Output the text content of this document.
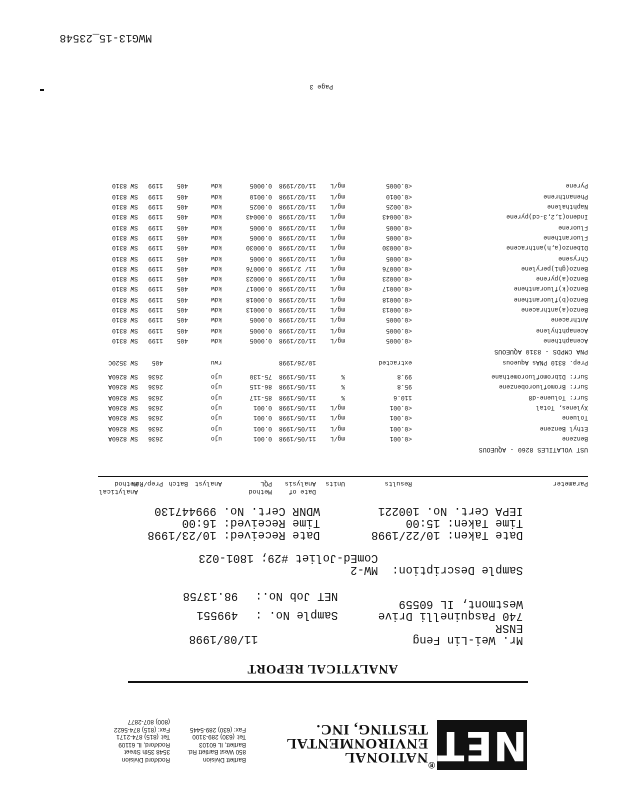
NET
®
NATIONAL
ENVIRONMENTAL
TESTING, INC.
Bartlett Division
850 West Bartlett Rd.
Bartlett, IL 60103
Tel: (630) 289-3100
Fax: (630) 289-5445
Rockford Division
3548 35th Street
Rockford, IL 61109
Tel: (815) 874-2171
Fax: (815) 874-5622
(800) 807-2877
ANALYTICAL REPORT
Mr. Wei-Lin Feng
ENSR
740 Pasquinelli Drive
Westmont, IL 60559
11/08/1998
Sample No. :
499551
NET Job No.:
98.13758
Sample Description:
MW-2
ComEd-Joliet #29; 1801-023
Date Taken: 10/22/1998
Time Taken: 15:00
IEPA Cert. No. 100221
Date Received: 10/23/1998
Time Received: 16:00
WDNR Cert. No. 999447130
Parameter
Results
Units
Date of
Analysis
Method
PQL
Analyst
Batch
Prep/Run
Analytical
Method
UST VOLATILES 8260 - AQUEOUS
Benzene
<0.001
mg/L
11/05/1998
0.001
ujo
2636
SW 8260A
Ethyl Benzene
<0.001
mg/L
11/05/1998
0.001
ujo
2636
SW 8260A
Toluene
<0.001
mg/L
11/05/1998
0.001
ujo
2636
SW 8260A
Xylenes, Total
<0.001
mg/L
11/05/1998
0.001
ujo
2636
SW 8260A
Surr: Toluene-d8
110.6
%
11/05/1998
85-117
ujo
2636
SW 8260A
Surr: Bromofluorobenzene
95.8
%
11/05/1998
86-115
ujo
2636
SW 8260A
Surr: Dibromofluoromethane
99.8
%
11/05/1998
75-130
ujo
2636
SW 8260A
Prep. 8310 PNAs Aqueous
extracted
10/26/1998
rwu
405
SW 3520C
PNA CMPDS - 8310 AQUEOUS
Acenaphthene
<0.0005
mg/L
11/02/1998
0.0005
kdw
405
1199
SW 8310
Acenaphthylene
<0.0005
mg/L
11/02/1998
0.0005
kdw
405
1199
SW 8310
Anthracene
<0.0005
mg/L
11/02/1998
0.0005
kdw
405
1199
SW 8310
Benzo(a)anthracene
<0.00013
mg/L
11/02/1998
0.00013
kdw
405
1199
SW 8310
Benzo(b)fluoranthene
<0.00018
mg/L
11/02/1998
0.00018
kdw
405
1199
SW 8310
Benzo(k)fluoranthene
<0.00017
mg/L
11/02/1998
0.00017
kdw
405
1199
SW 8310
Benzo(a)pyrene
<0.00023
mg/L
11/02/1998
0.00023
kdw
405
1199
SW 8310
Benzo(ghi)perylene
<0.00076
mg/L
11/ 2/1998
0.00076
kdw
405
1199
SW 8310
Chrysene
<0.0005
mg/L
11/02/1998
0.0005
kdw
405
1199
SW 8310
Dibenzo(a,h)anthracene
<0.00030
mg/L
11/02/1998
0.00030
kdw
405
1199
SW 8310
Fluoranthene
<0.0005
mg/L
11/02/1998
0.0005
kdw
405
1199
SW 8310
Fluorene
<0.0005
mg/L
11/02/1998
0.0005
kdw
405
1199
SW 8310
Indeno(1,2,3-cd)pyrene
<0.00043
mg/L
11/02/1998
0.00043
kdw
405
1199
SW 8310
Naphthalene
<0.0025
mg/L
11/02/1998
0.0025
kdw
405
1199
SW 8310
Phenanthrene
<0.0010
mg/L
11/02/1998
0.0010
kdw
405
1199
SW 8310
Pyrene
<0.0005
mg/L
11/02/1998
0.0005
kdw
405
1199
SW 8310
Page 3
MWG13-15_23548
